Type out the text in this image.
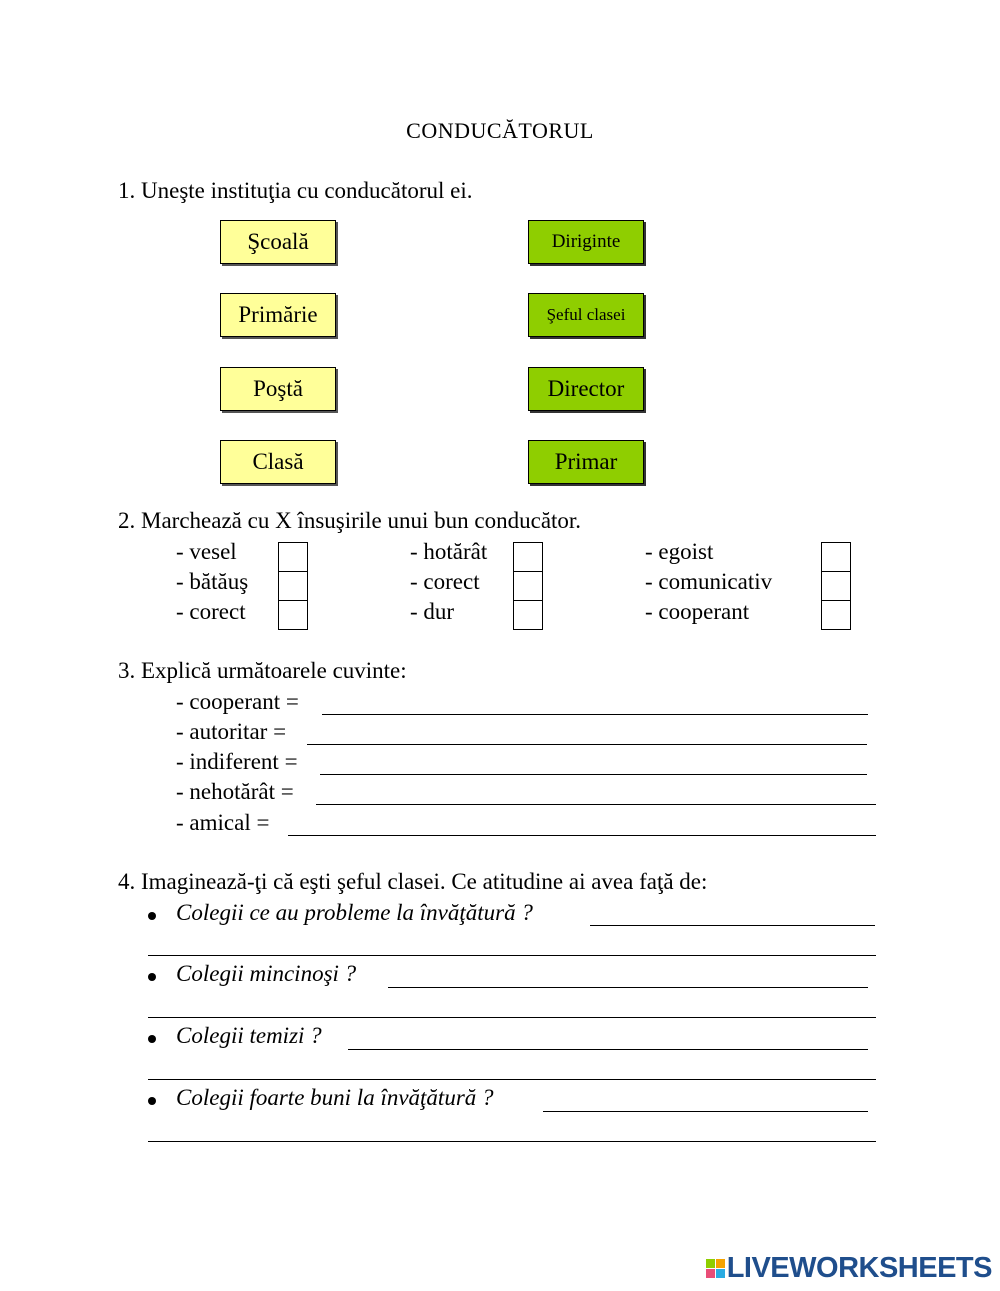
CONDUCĂTORUL
1. Uneşte instituţia cu conducătorul ei.
Şcoală
Primărie
Poştă
Clasă
Diriginte
Şeful clasei
Director
Primar
2. Marchează cu X însuşirile unui bun conducător.
- vesel
- bătăuş
- corect
- hotărât
- corect
- dur
- egoist
- comunicativ
- cooperant
3. Explică următoarele cuvinte:
- cooperant =
- autoritar =
- indiferent =
- nehotărât =
- amical =
4. Imaginează-ţi că eşti şeful clasei. Ce atitudine ai avea faţă de:
Colegii ce au probleme la învăţătură ?
Colegii mincinoşi ?
Colegii temizi ?
Colegii foarte buni la învăţătură ?
LIVEWORKSHEETS
